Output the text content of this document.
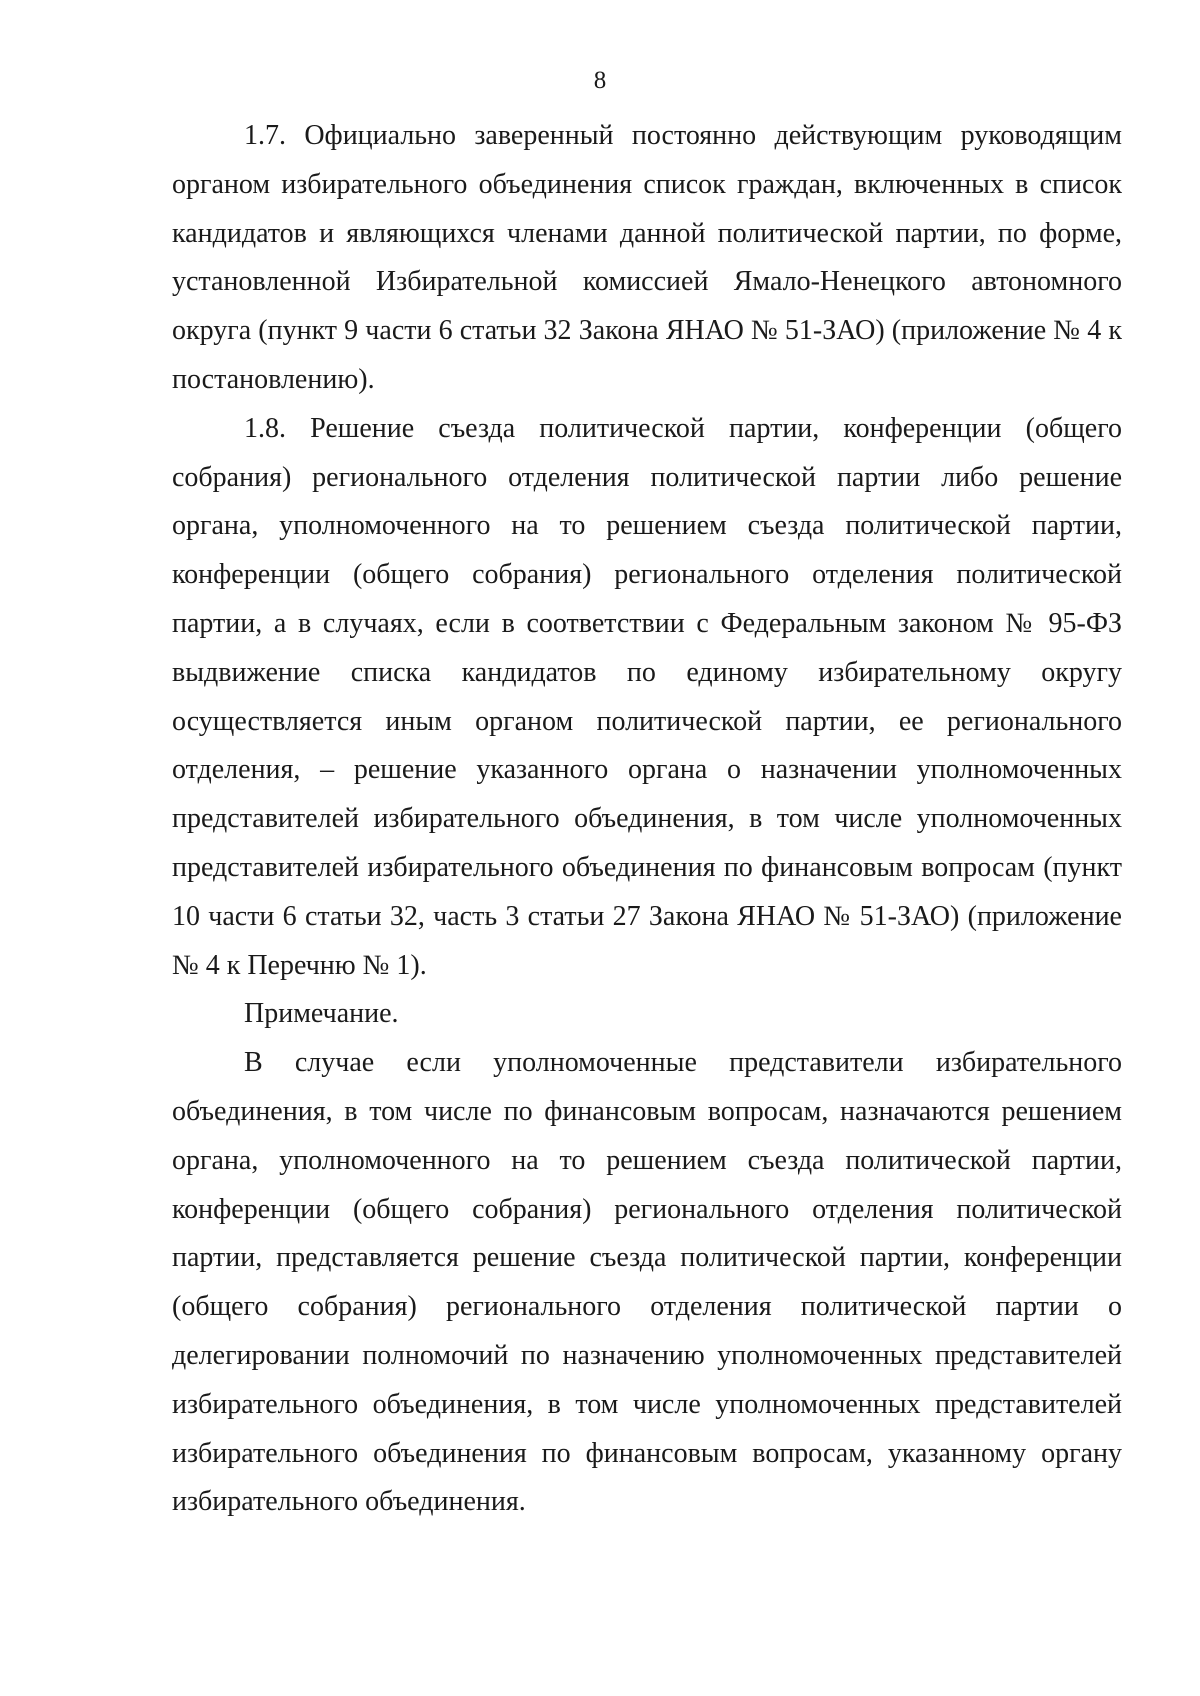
8

1.7. Официально заверенный постоянно действующим руководящим органом избирательного объединения список граждан, включенных в список кандидатов и являющихся членами данной политической партии, по форме, установленной Избирательной комиссией Ямало-Ненецкого автономного округа (пункт 9 части 6 статьи 32 Закона ЯНАО № 51-ЗАО) (приложение № 4 к постановлению).

1.8. Решение съезда политической партии, конференции (общего собрания) регионального отделения политической партии либо решение органа, уполномоченного на то решением съезда политической партии, конференции (общего собрания) регионального отделения политической партии, а в случаях, если в соответствии с Федеральным законом № 95-ФЗ выдвижение списка кандидатов по единому избирательному округу осуществляется иным органом политической партии, ее регионального отделения, – решение указанного органа о назначении уполномоченных представителей избирательного объединения, в том числе уполномоченных представителей избирательного объединения по финансовым вопросам (пункт 10 части 6 статьи 32, часть 3 статьи 27 Закона ЯНАО № 51-ЗАО) (приложение № 4 к Перечню № 1).

Примечание.

В случае если уполномоченные представители избирательного объединения, в том числе по финансовым вопросам, назначаются решением органа, уполномоченного на то решением съезда политической партии, конференции (общего собрания) регионального отделения политической партии, представляется решение съезда политической партии, конференции (общего собрания) регионального отделения политической партии о делегировании полномочий по назначению уполномоченных представителей избирательного объединения, в том числе уполномоченных представителей избирательного объединения по финансовым вопросам, указанному органу избирательного объединения.
